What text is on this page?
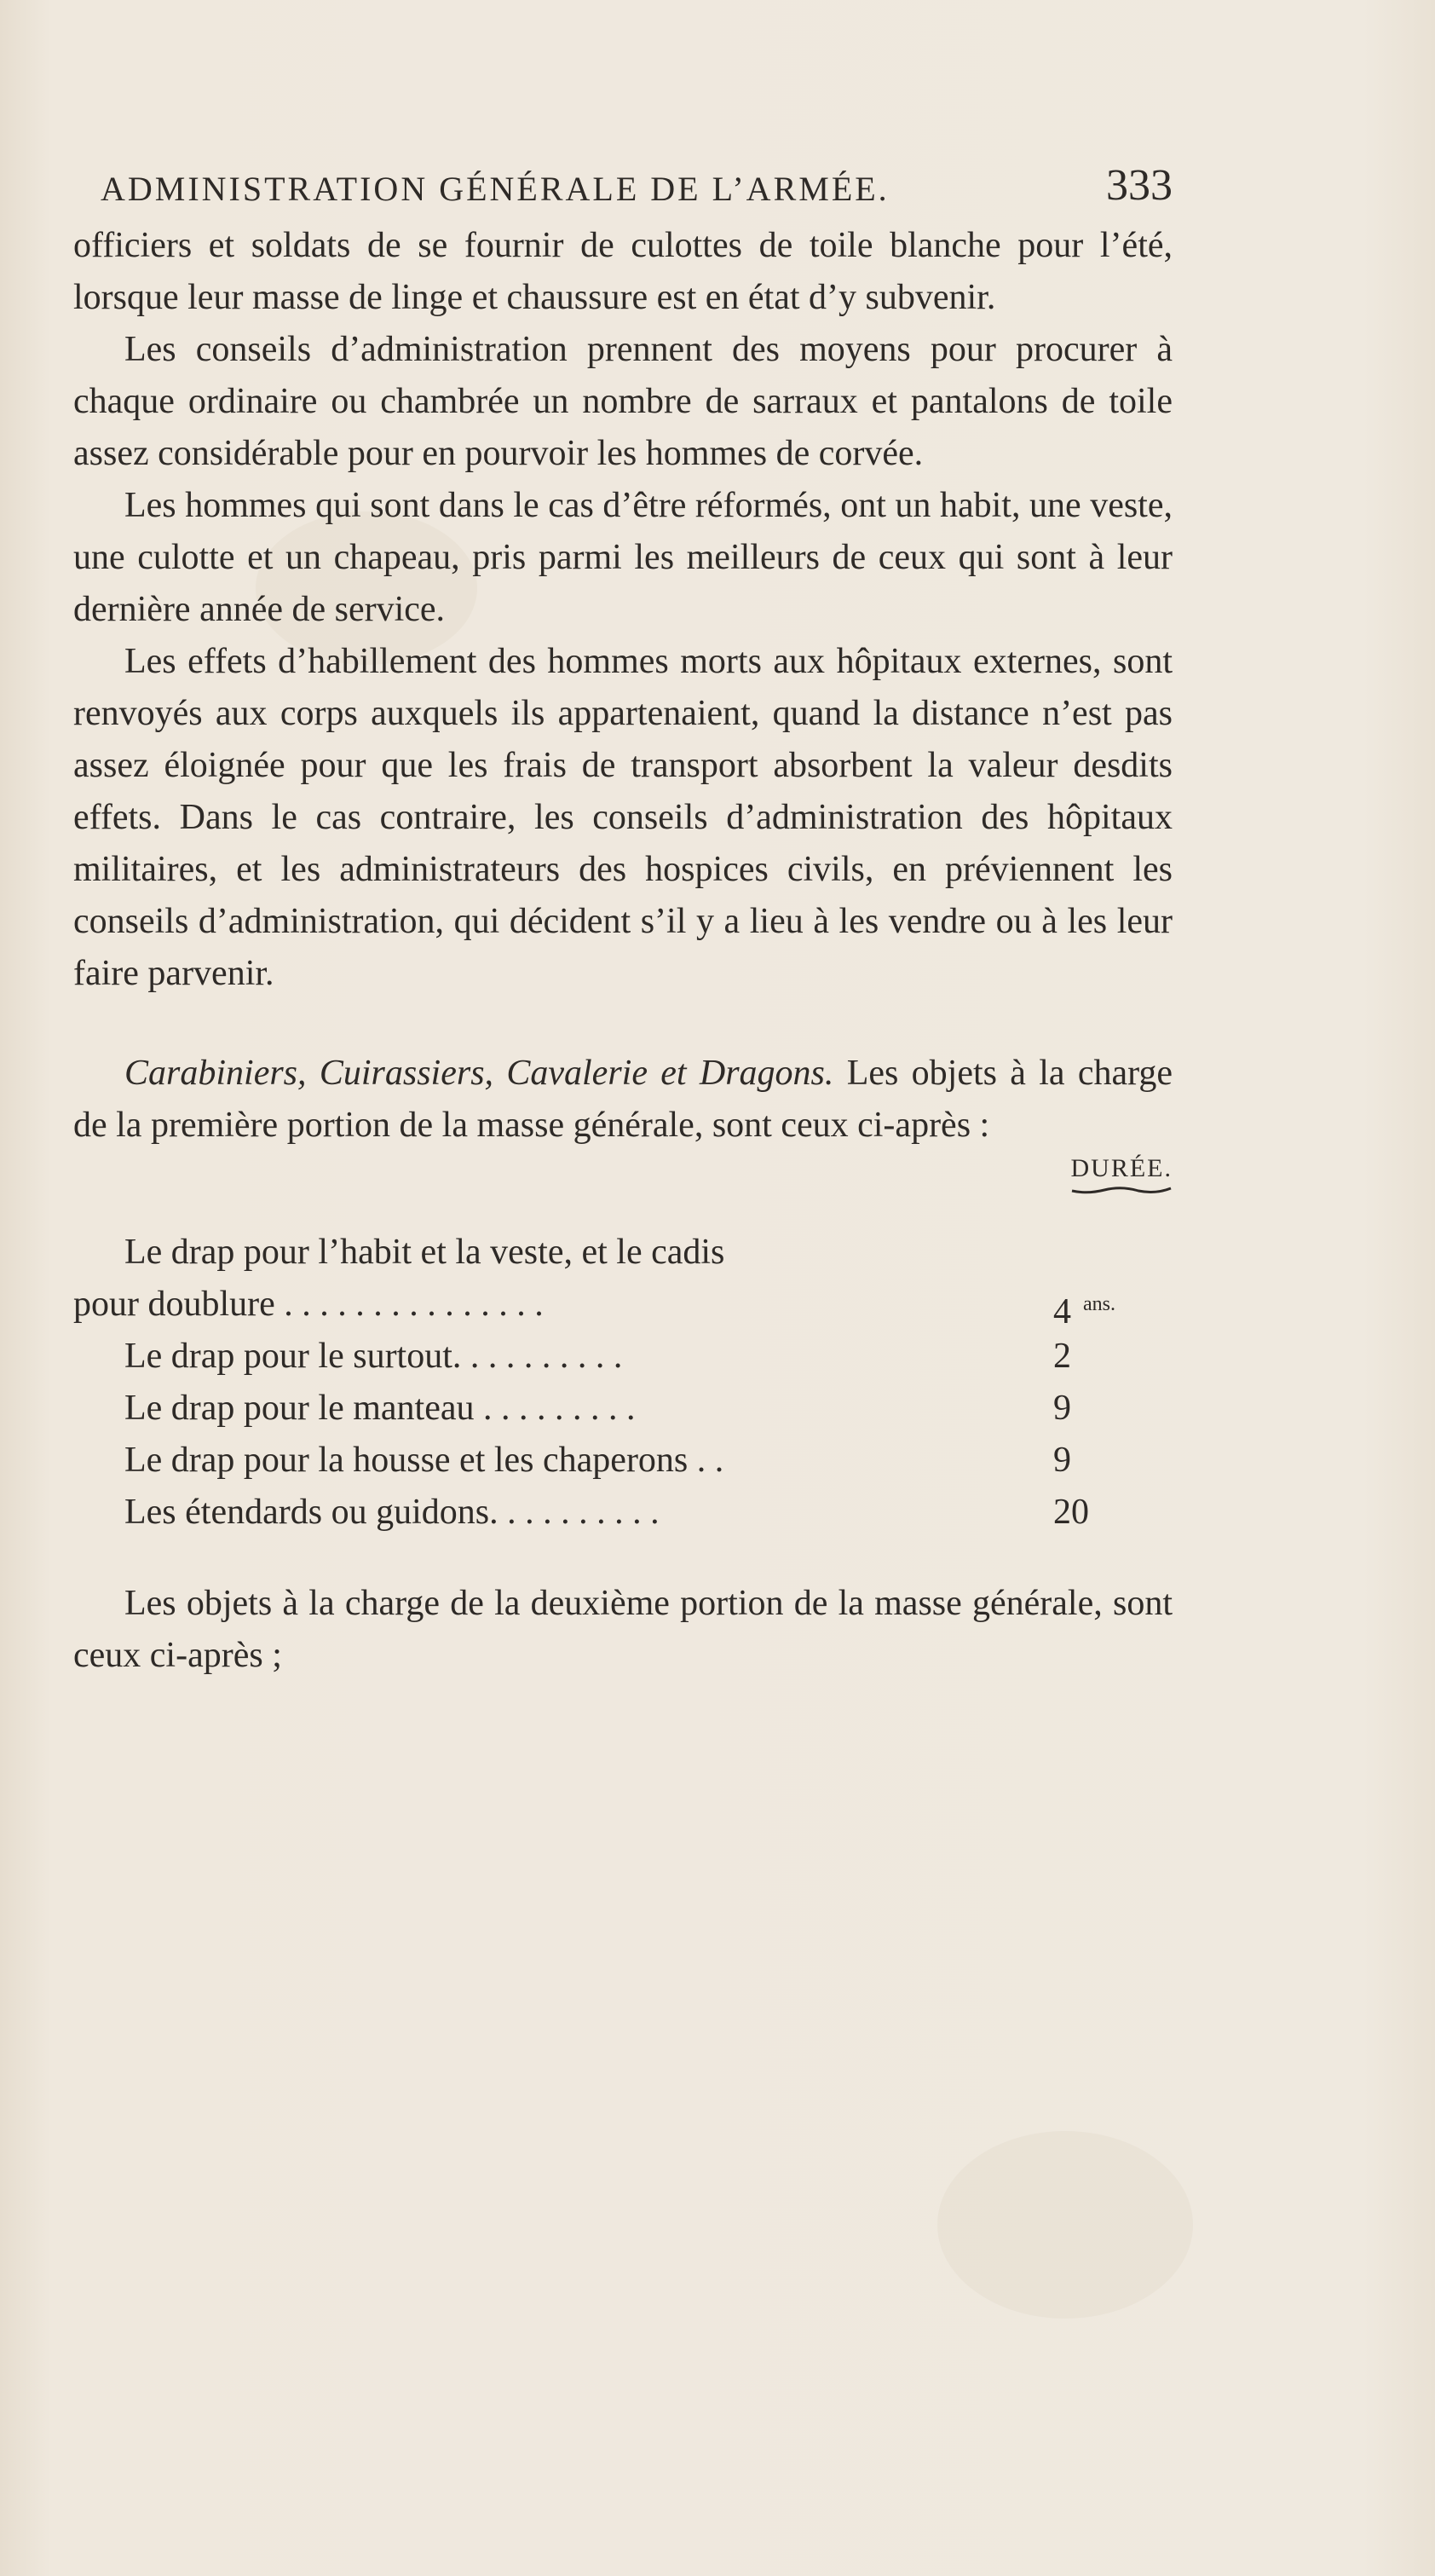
ADMINISTRATION GÉNÉRALE DE L’ARMÉE.	333

officiers et soldats de se fournir de culottes de toile blanche pour l’été, lorsque leur masse de linge et chaussure est en état d’y subvenir.

Les conseils d’administration prennent des moyens pour procurer à chaque ordinaire ou chambrée un nombre de sarraux et pantalons de toile assez considérable pour en pourvoir les hommes de corvée.

Les hommes qui sont dans le cas d’être réformés, ont un habit, une veste, une culotte et un chapeau, pris parmi les meilleurs de ceux qui sont à leur dernière année de service.

Les effets d’habillement des hommes morts aux hôpitaux externes, sont renvoyés aux corps auxquels ils appartenaient, quand la distance n’est pas assez éloignée pour que les frais de transport absorbent la valeur desdits effets. Dans le cas contraire, les conseils d’administration des hôpitaux militaires, et les administrateurs des hospices civils, en préviennent les conseils d’administration, qui décident s’il y a lieu à les vendre ou à les leur faire parvenir.

Carabiniers, Cuirassiers, Cavalerie et Dragons. Les objets à la charge de la première portion de la masse générale, sont ceux ci-après :

DURÉE.
Le drap pour l’habit et la veste, et le cadis
pour doublure . . . . . . . . . . . . . . .	4 $^{ans.}$
Le drap pour le surtout. . . . . . . . . .	2
Le drap pour le manteau . . . . . . . . .	9
Le drap pour la housse et les chaperons . .	9
Les étendards ou guidons. . . . . . . . . .	20

Les objets à la charge de la deuxième portion de la masse générale, sont ceux ci-après ;
